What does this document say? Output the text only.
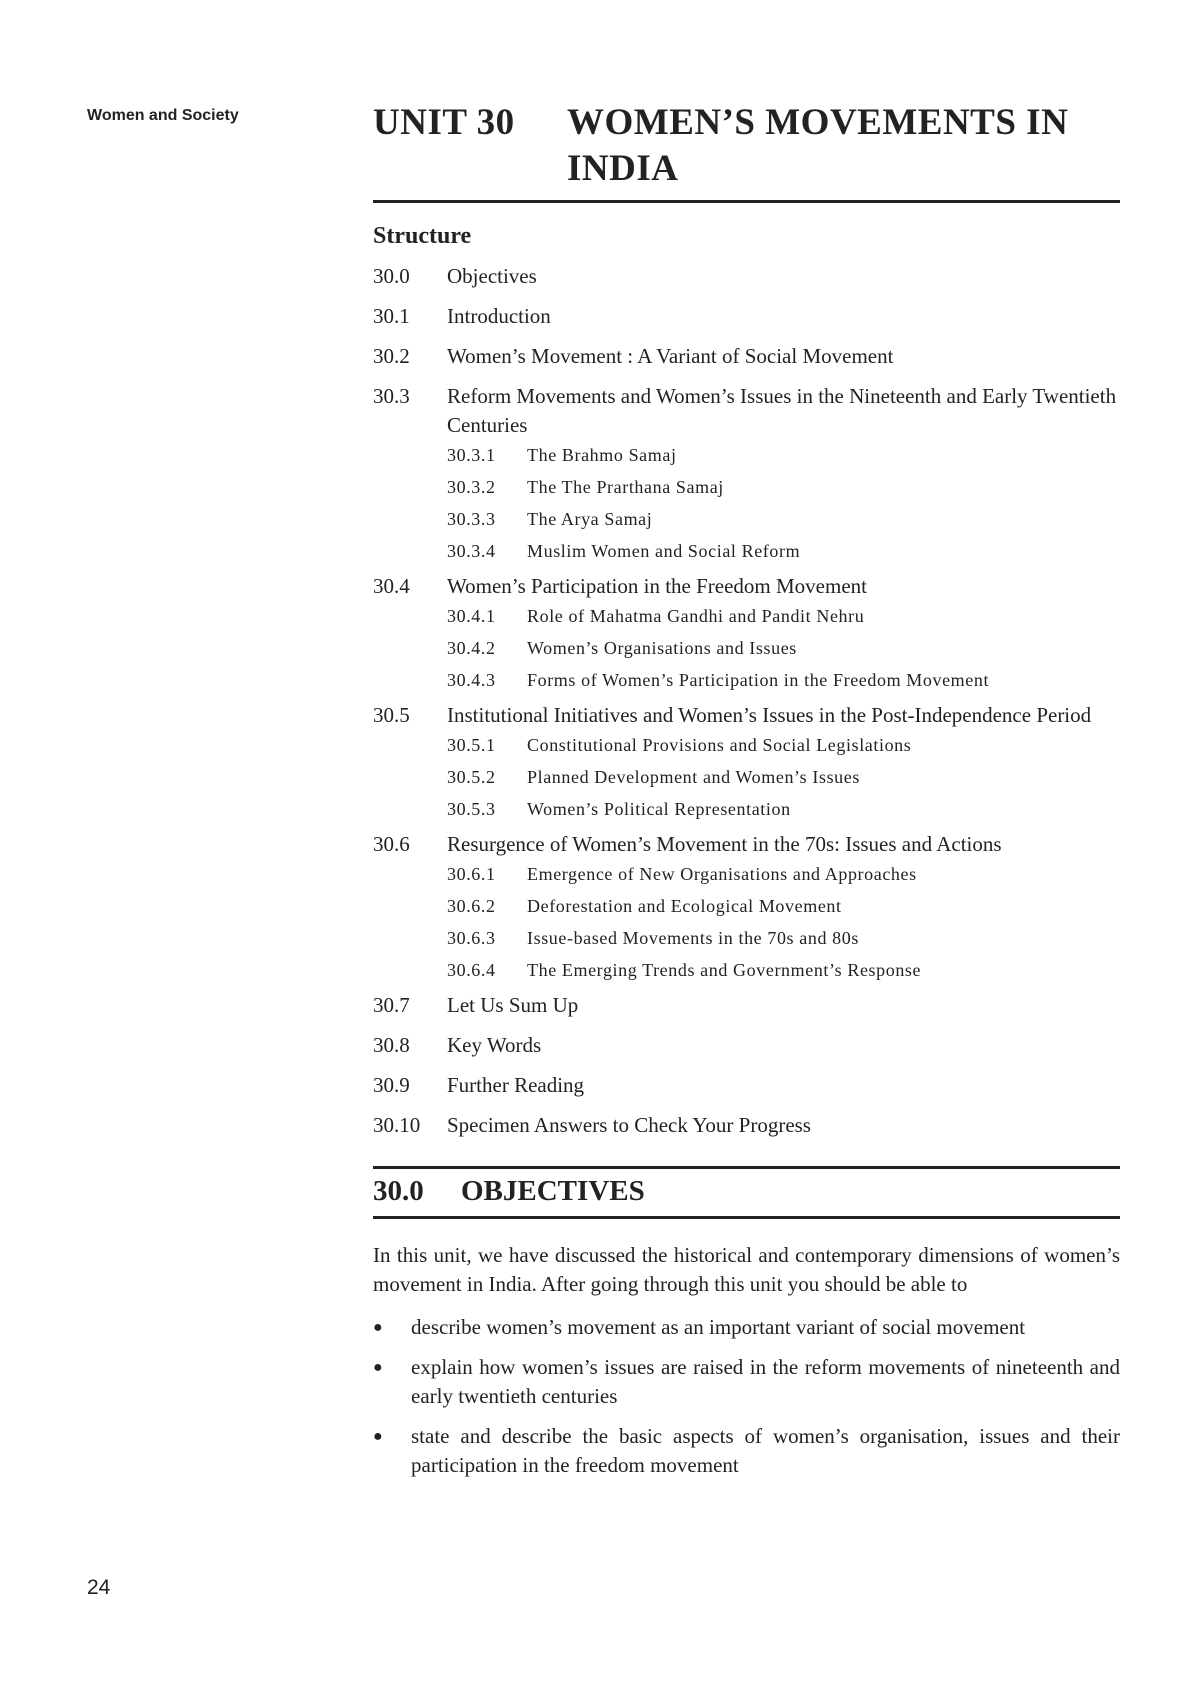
Women and Society
24
UNIT 30	WOMEN’S MOVEMENTS IN INDIA
Structure
30.0	Objectives
30.1	Introduction
30.2	Women’s Movement : A Variant of Social Movement
30.3	Reform Movements and Women’s Issues in the Nineteenth and Early Twentieth Centuries
30.3.1	The Brahmo Samaj
30.3.2	The The Prarthana Samaj
30.3.3	The Arya Samaj
30.3.4	Muslim Women and Social Reform
30.4	Women’s Participation in the Freedom Movement
30.4.1	Role of Mahatma Gandhi and Pandit Nehru
30.4.2	Women’s Organisations and Issues
30.4.3	Forms of Women’s Participation in the Freedom Movement
30.5	Institutional Initiatives and Women’s Issues in the Post-Independence Period
30.5.1	Constitutional Provisions and Social Legislations
30.5.2	Planned Development and Women’s Issues
30.5.3	Women’s Political Representation
30.6	Resurgence of Women’s Movement in the 70s: Issues and Actions
30.6.1	Emergence of New Organisations and Approaches
30.6.2	Deforestation and Ecological Movement
30.6.3	Issue-based Movements in the 70s and 80s
30.6.4	The Emerging Trends and Government’s Response
30.7	Let Us Sum Up
30.8	Key Words
30.9	Further Reading
30.10	Specimen Answers to Check Your Progress
30.0	OBJECTIVES

In this unit, we have discussed the historical and contemporary dimensions of women’s movement in India. After going through this unit you should be able to

●	describe women’s movement as an important variant of social movement
●	explain how women’s issues are raised in the reform movements of nineteenth and early twentieth centuries
●	state and describe the basic aspects of women’s organisation, issues and their participation in the freedom movement
